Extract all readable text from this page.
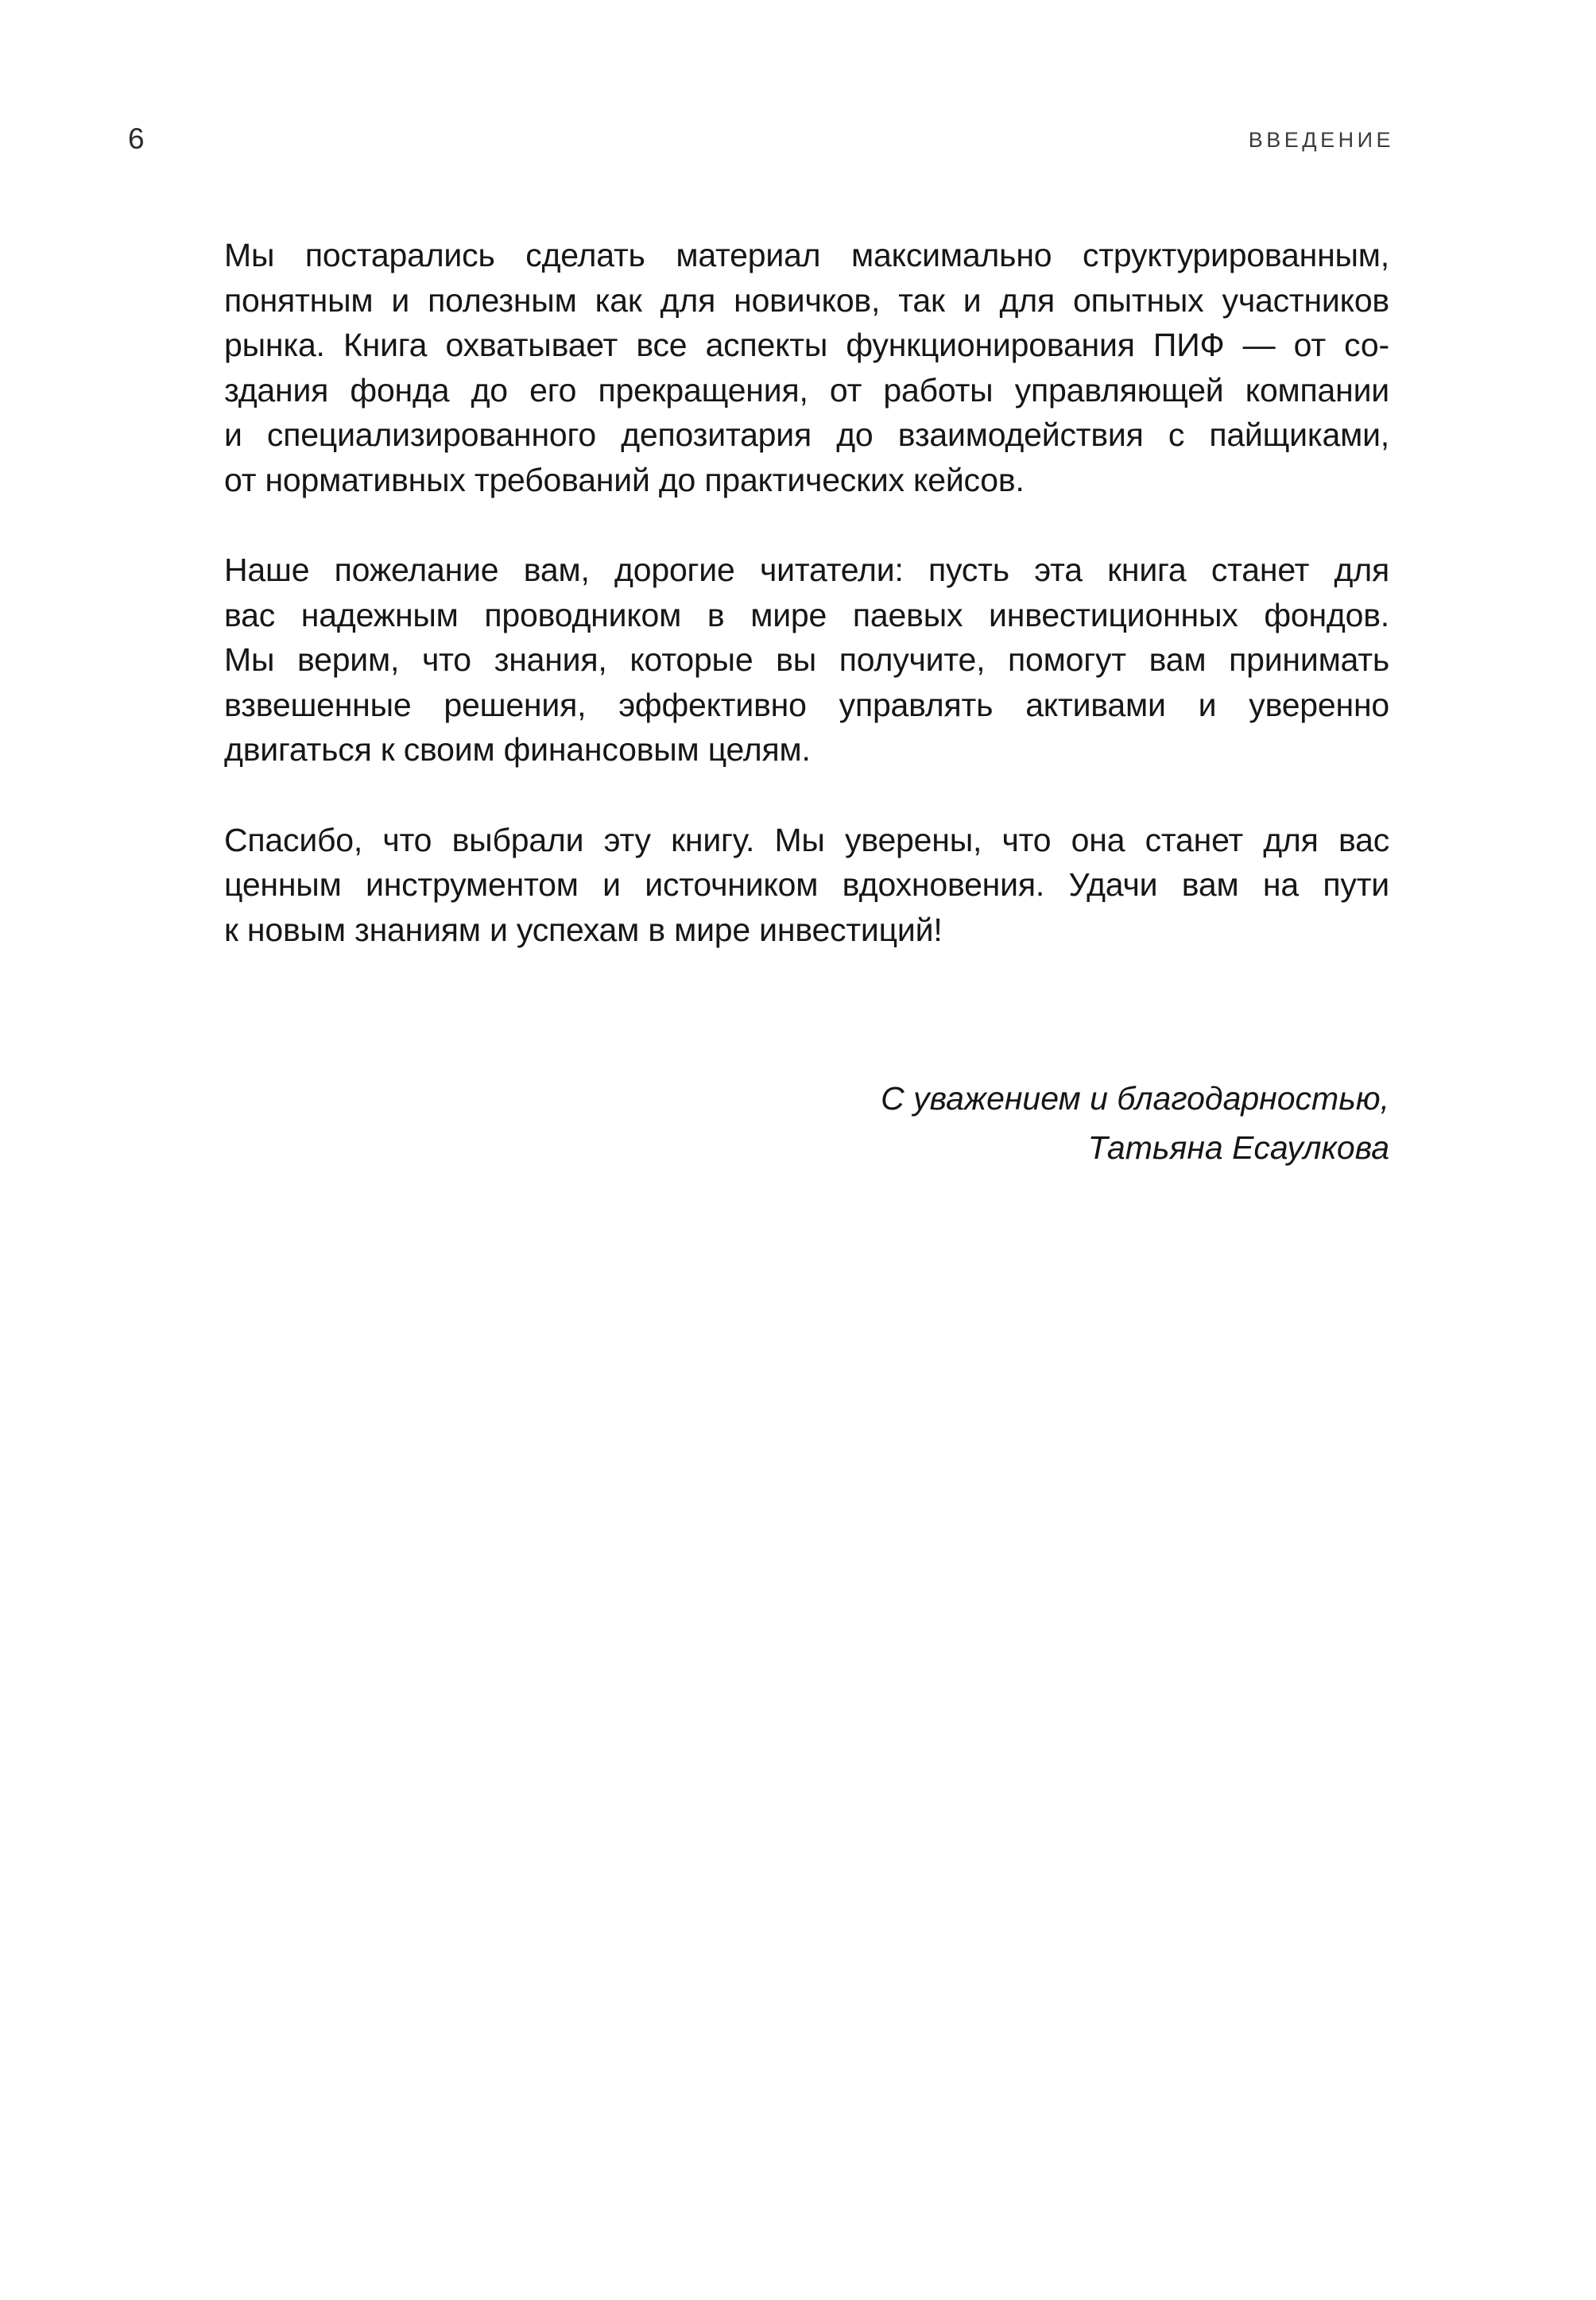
6	ВВЕДЕНИЕ
Мы постарались сделать материал максимально структурированным,
понятным и полезным как для новичков, так и для опытных участников
рынка. Книга охватывает все аспекты функционирования ПИФ — от со-
здания фонда до его прекращения, от работы управляющей компании
и специализированного депозитария до взаимодействия с пайщиками,
от нормативных требований до практических кейсов.
Наше пожелание вам, дорогие читатели: пусть эта книга станет для
вас надежным проводником в мире паевых инвестиционных фондов.
Мы верим, что знания, которые вы получите, помогут вам принимать
взвешенные решения, эффективно управлять активами и уверенно
двигаться к своим финансовым целям.
Спасибо, что выбрали эту книгу. Мы уверены, что она станет для вас
ценным инструментом и источником вдохновения. Удачи вам на пути
к новым знаниям и успехам в мире инвестиций!
С уважением и благодарностью,
Татьяна Есаулкова
